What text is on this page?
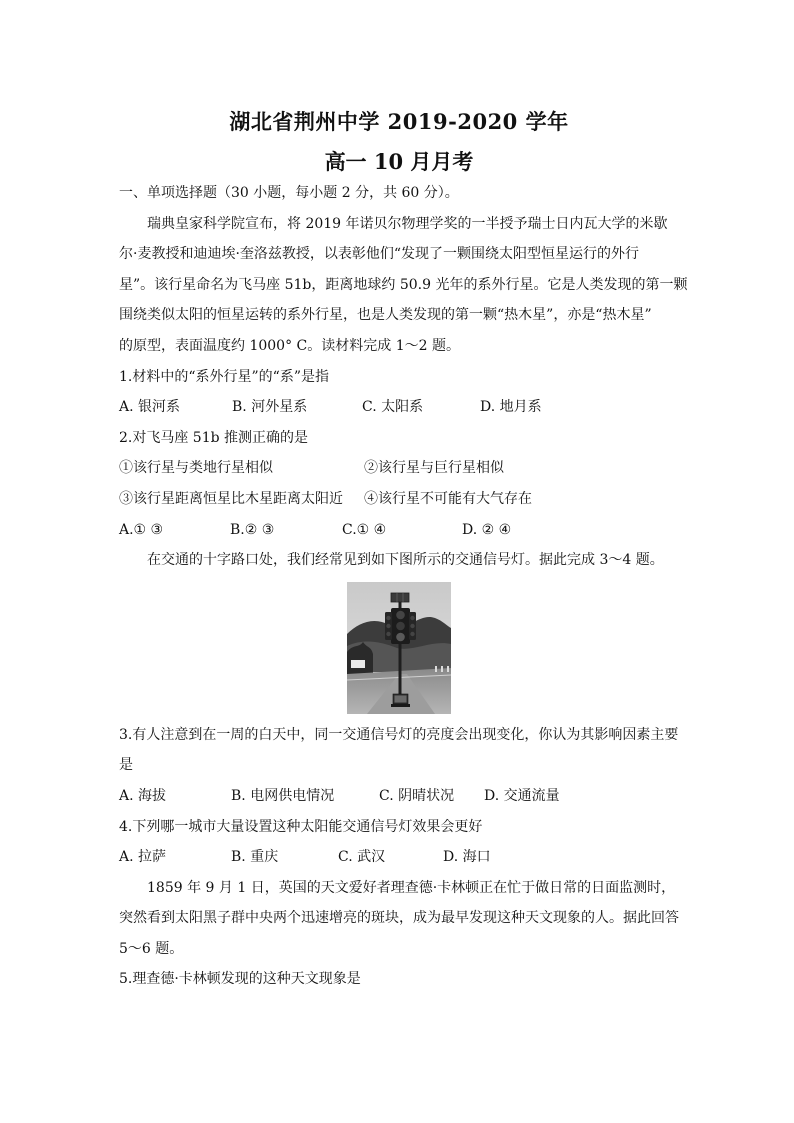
湖北省荆州中学 2019-2020 学年
高一 10 月月考
一、单项选择题（30 小题，每小题 2 分，共 60 分）。
瑞典皇家科学院宣布，将 2019 年诺贝尔物理学奖的一半授予瑞士日内瓦大学的米歇
尔·麦教授和迪迪埃·奎洛兹教授，以表彰他们“发现了一颗围绕太阳型恒星运行的外行
星”。该行星命名为飞马座 51b，距离地球约 50.9 光年的系外行星。它是人类发现的第一颗
围绕类似太阳的恒星运转的系外行星，也是人类发现的第一颗“热木星”，亦是“热木星”
的原型，表面温度约 1000° C。读材料完成 1～2 题。
1.材料中的“系外行星”的“系”是指
A. 银河系	B. 河外星系	C. 太阳系	D. 地月系
2.对飞马座 51b 推测正确的是
①该行星与类地行星相似	②该行星与巨行星相似
③该行星距离恒星比木星距离太阳近	④该行星不可能有大气存在
A.① ③	B.② ③	C.① ④	D. ② ④
在交通的十字路口处，我们经常见到如下图所示的交通信号灯。据此完成 3～4 题。
3.有人注意到在一周的白天中，同一交通信号灯的亮度会出现变化，你认为其影响因素主要
是
A. 海拔	B. 电网供电情况	C. 阴晴状况	D. 交通流量
4.下列哪一城市大量设置这种太阳能交通信号灯效果会更好
A. 拉萨	B. 重庆	C. 武汉	D. 海口
1859 年 9 月 1 日，英国的天文爱好者理查德·卡林顿正在忙于做日常的日面监测时，
突然看到太阳黑子群中央两个迅速增亮的斑块，成为最早发现这种天文现象的人。据此回答
5～6 题。
5.理查德·卡林顿发现的这种天文现象是
